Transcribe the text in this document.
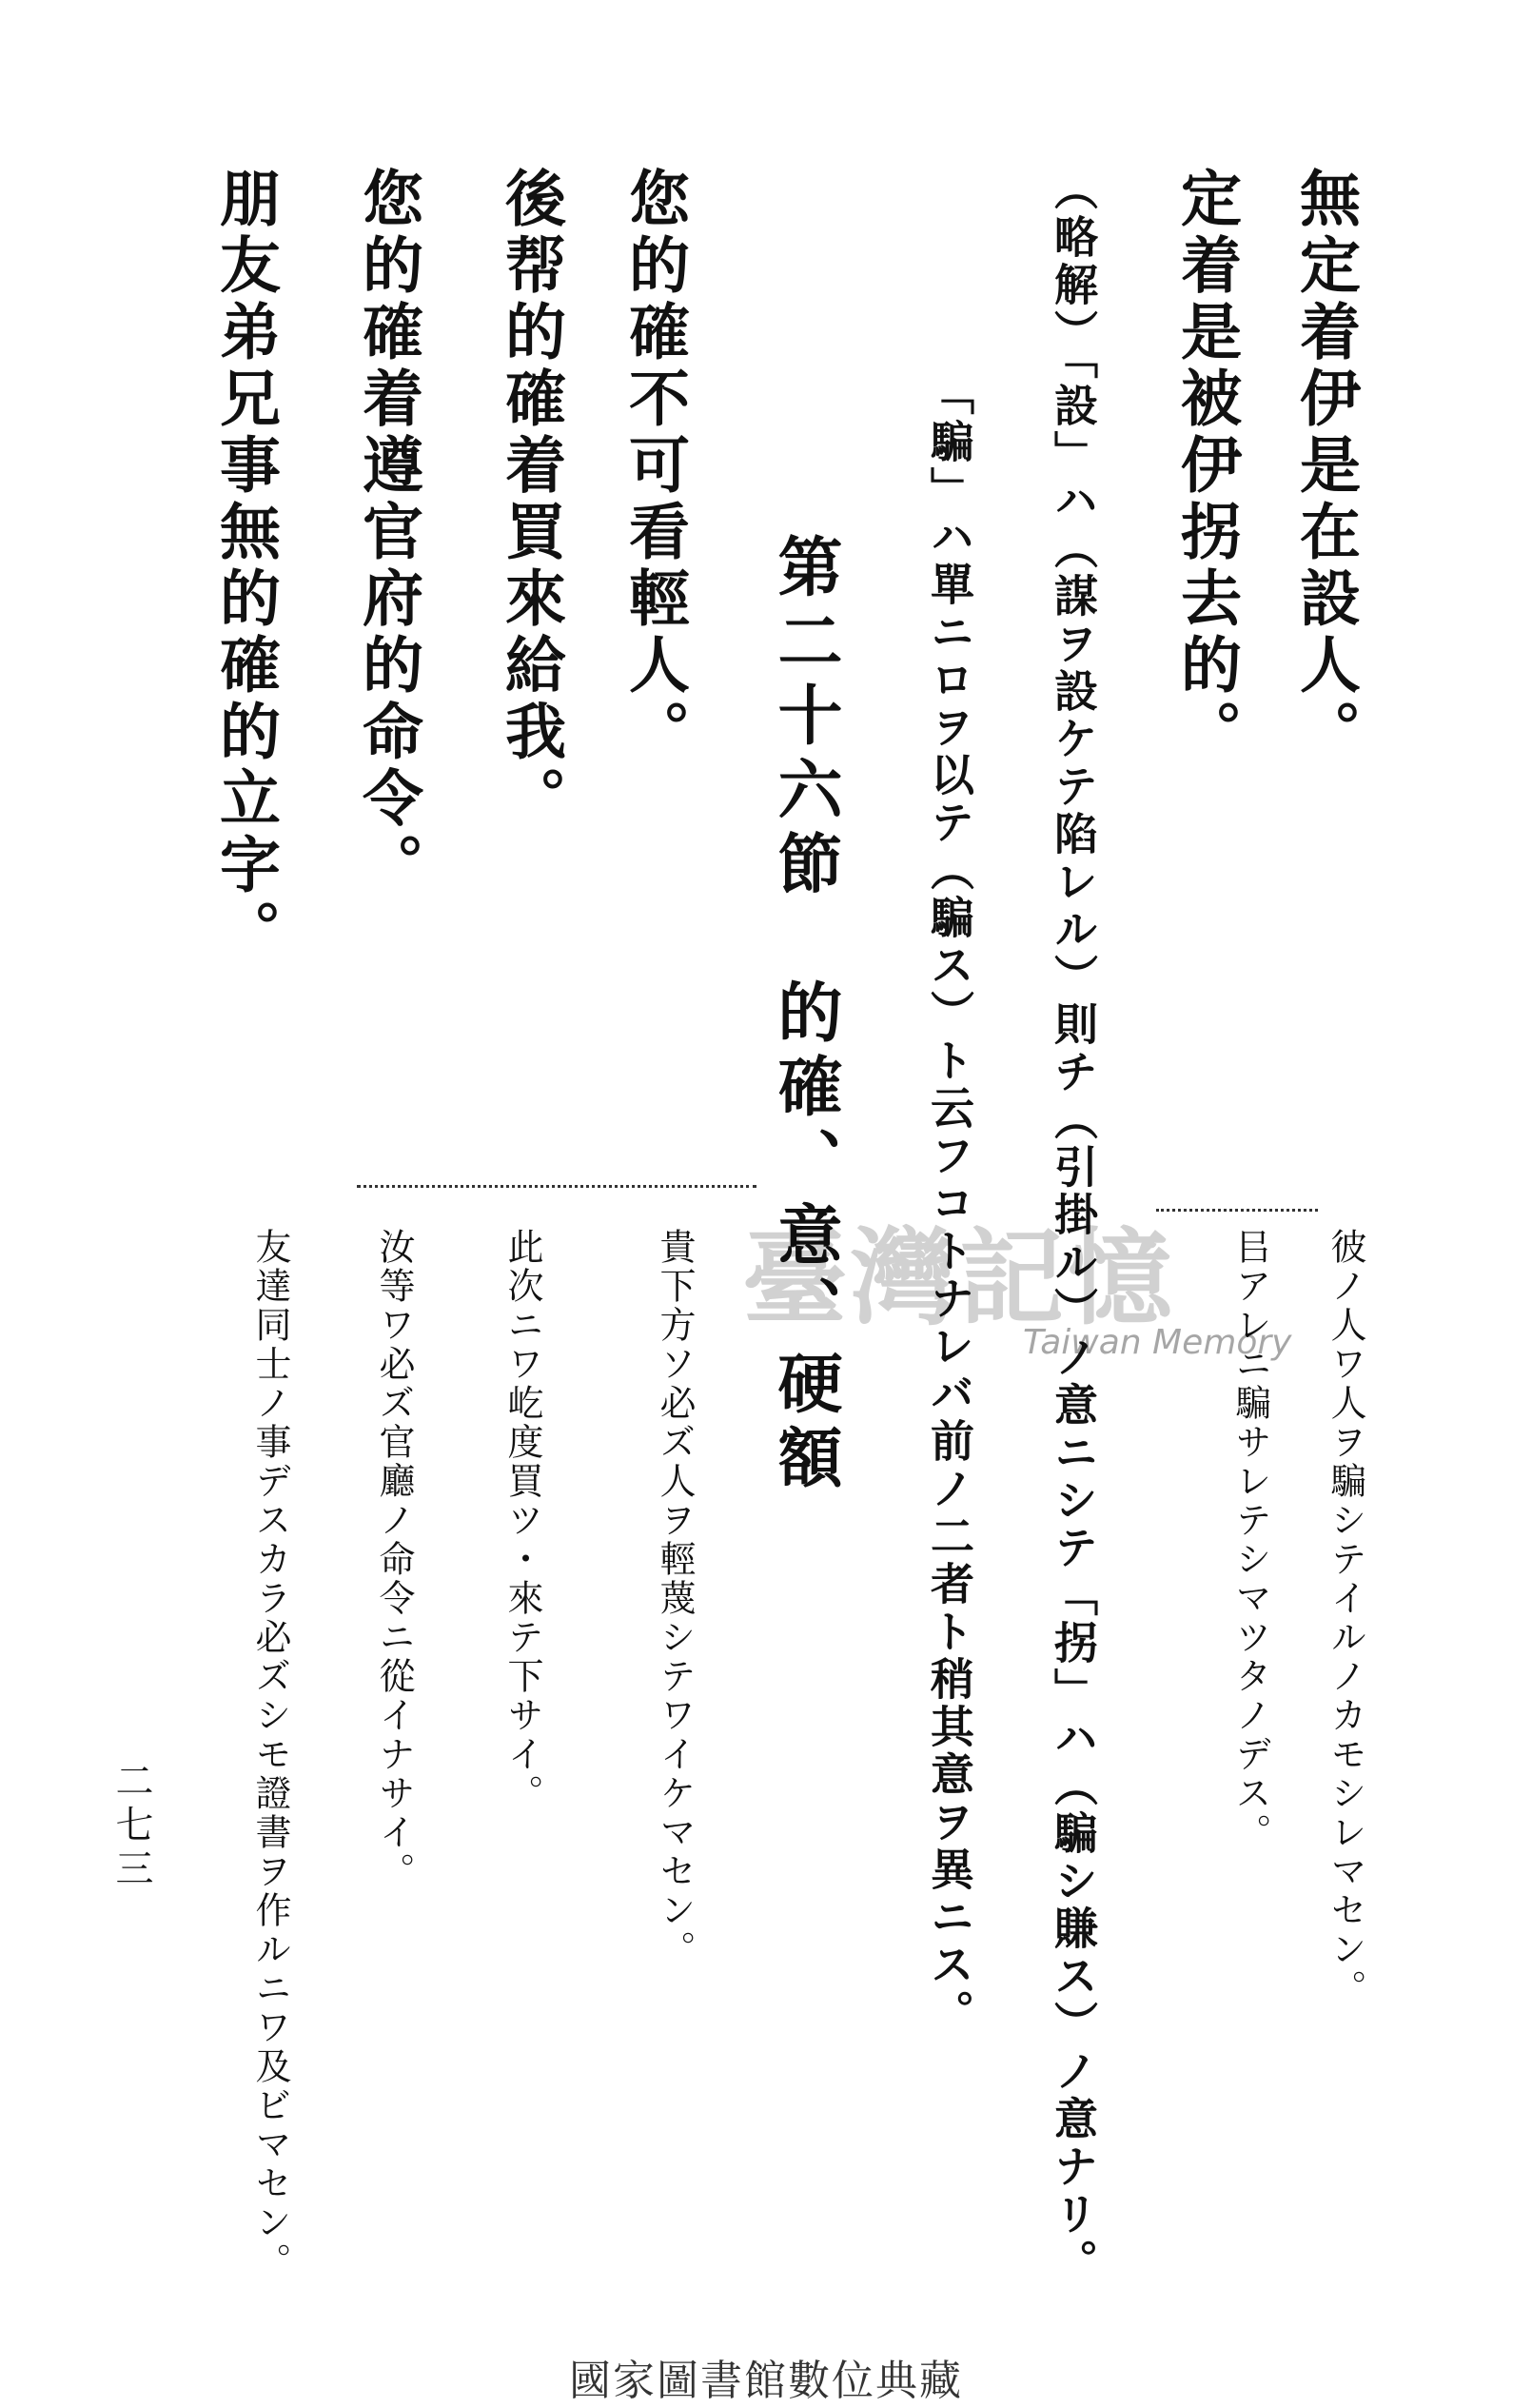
無定着伊是在設人。
定着是被伊拐去的。
（略解）「設」ハ（謀ヲ設ケテ陷レル）則チ（引掛ル）ノ意ニシテ「拐」ハ（騙シ賺ス）ノ意ナリ。
「騙」ハ單ニロヲ以テ（騙ス）ト云フコトナレバ前ノ二者ト稍其意ヲ異ニス。
第二十六節　的確、意、硬額
您的確不可看輕人。
後帮的確着買來給我。
您的確着遵官府的命令。
朋友弟兄事無的確的立字。
彼ノ人ワ人ヲ騙シテイルノカモシレマセン。
㠯アレニ騙サレテシマツタノデス。
貴下方ソ必ズ人ヲ輕蔑シテワイケマセン。
此次ニワ屹度買ツ・來テ下サイ。
汝等ワ必ズ官廳ノ命令ニ從イナサイ。
友達同士ノ事デスカラ必ズシモ證書ヲ作ルニワ及ビマセン。	臺灣記憶
Taiwan Memory
二七三
國家圖書館數位典藏
